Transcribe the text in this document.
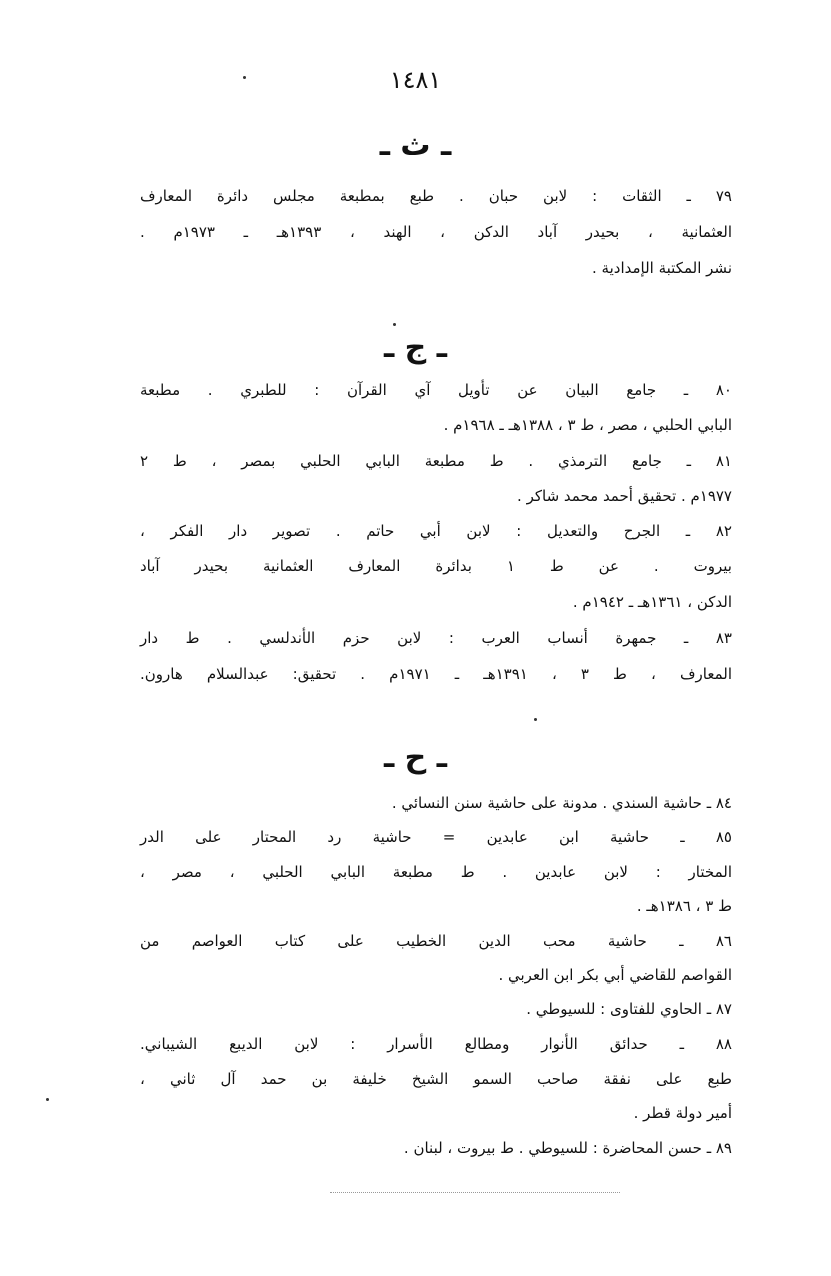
١٤٨١
ـ ث ـ
٧٩ ـ الثقات : لابن حبان . طبع بمطبعة مجلس دائرة المعارف
العثمانية ، بحيدر آباد الدكن ، الهند ، ١٣٩٣هـ ـ ١٩٧٣م .
نشر المكتبة الإمدادية .
ـ ج ـ
٨٠ ـ جامع البيان عن تأويل آي القرآن : للطبري . مطبعة
البابي الحلبي ، مصر ، ط ٣ ، ١٣٨٨هـ ـ ١٩٦٨م .
٨١ ـ جامع الترمذي . ط مطبعة البابي الحلبي بمصر ، ط ٢
١٩٧٧م . تحقيق أحمد محمد شاكر .
٨٢ ـ الجرح والتعديل : لابن أبي حاتم . تصوير دار الفكر ،
بيروت . عن ط ١ بدائرة المعارف العثمانية بحيدر آباد
الدكن ، ١٣٦١هـ ـ ١٩٤٢م .
٨٣ ـ جمهرة أنساب العرب : لابن حزم الأندلسي . ط دار
المعارف ، ط ٣ ، ١٣٩١هـ ـ ١٩٧١م . تحقيق: عبدالسلام هارون.
ـ ح ـ
٨٤ ـ حاشية السندي . مدونة على حاشية سنن النسائي .
٨٥ ـ حاشية ابن عابدين = حاشية رد المحتار على الدر
المختار : لابن عابدين . ط مطبعة البابي الحلبي ، مصر ،
ط ٣ ، ١٣٨٦هـ .
٨٦ ـ حاشية محب الدين الخطيب على كتاب العواصم من
القواصم للقاضي أبي بكر ابن العربي .
٨٧ ـ الحاوي للفتاوى : للسيوطي .
٨٨ ـ حدائق الأنوار ومطالع الأسرار : لابن الديبع الشيباني.
طبع على نفقة صاحب السمو الشيخ خليفة بن حمد آل ثاني ،
أمير دولة قطر .
٨٩ ـ حسن المحاضرة : للسيوطي . ط بيروت ، لبنان .
